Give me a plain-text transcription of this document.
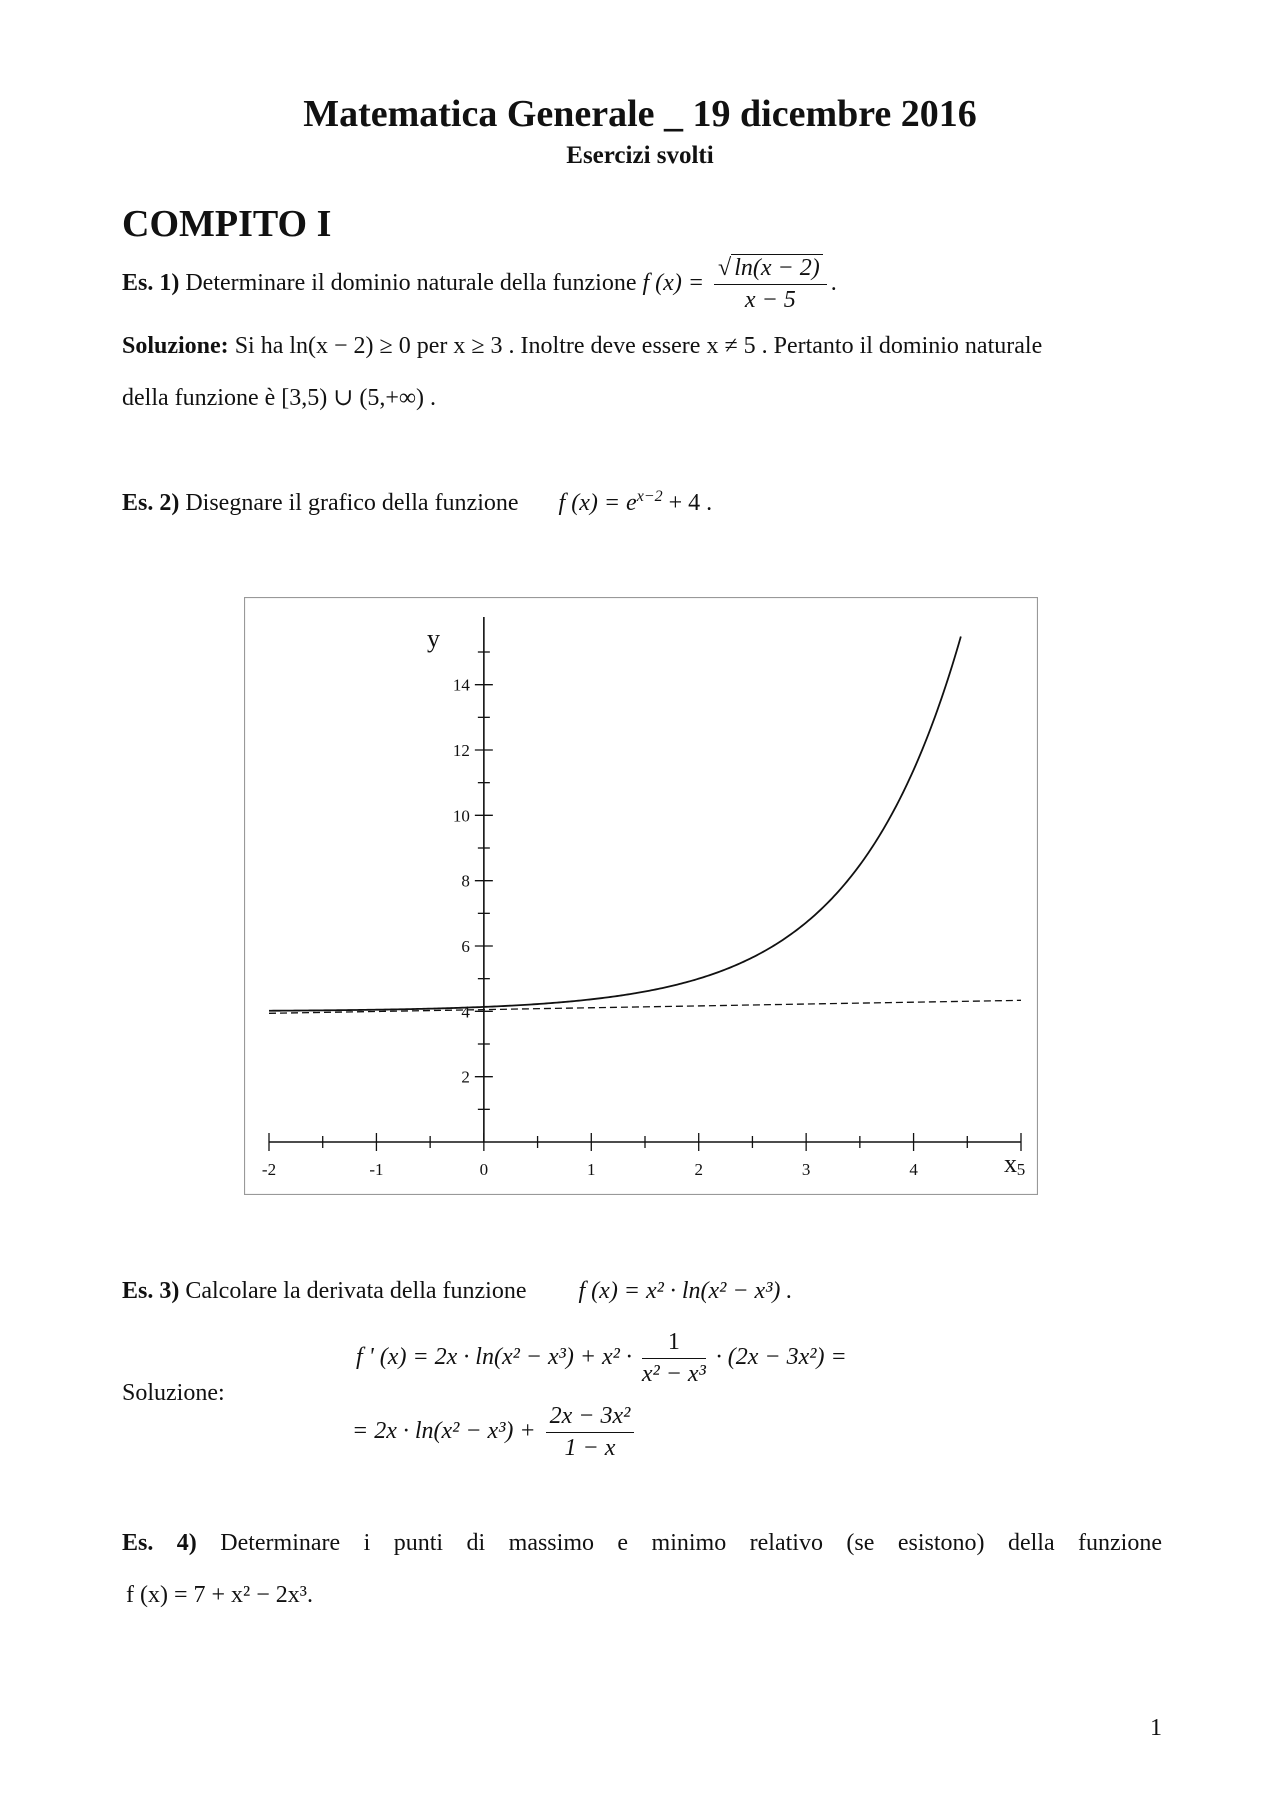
Matematica Generale _ 19 dicembre 2016
Esercizi svolti
COMPITO I
Es. 1) Determinare il dominio naturale della funzione f $(x) = \frac{√ \ln(x - 2)}{x - 5}$ .
Soluzione: Si ha ln(x − 2) ≥ 0 per x ≥ 3 . Inoltre deve essere x ≠ 5 . Pertanto il dominio naturale
della funzione è [3,5) ∪ (5,+∞) .
Es. 2) Disegnare il grafico della funzione f $(x) = e^{x-2} + 4$ .
-2	-1	0	1	2	3	4	5
2
4
6
8
10
12
14
x
y
Es. 3) Calcolare la derivata della funzione f (x) = x² · ln(x² − x³) .
f ' $(x) = 2x \cdot \ln(x^2 - x^3) + x^2 \cdot \frac{1}{\text{x² − x³}} \cdot (2x - 3x^2)$ =
Soluzione:
= $2x \cdot \ln(x^2 - x^3) + \frac{\text{2x − 3x²}}{1 - x}$
Es. 4) Determinare i punti di massimo e minimo relativo (se esistono) della funzione
f (x) = 7 + x² − 2x³.
1
